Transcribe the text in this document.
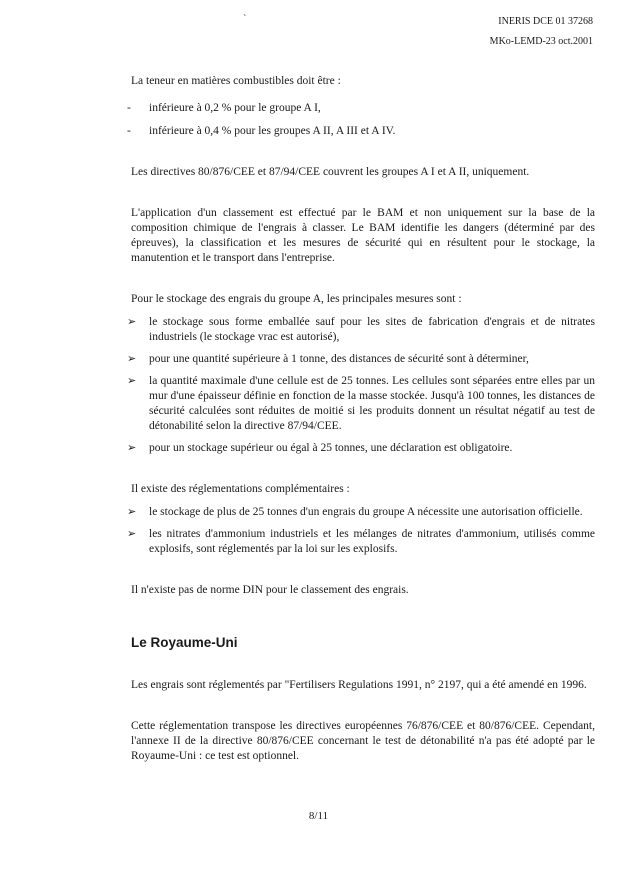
`	INERIS DCE 01 37268
MKo-LEMD-23 oct.2001

La teneur en matières combustibles doit être :

- inférieure à 0,2 % pour le groupe A I,
- inférieure à 0,4 % pour les groupes A II, A III et A IV.

Les directives 80/876/CEE et 87/94/CEE couvrent les groupes A I et A II, uniquement.

L'application d'un classement est effectué par le BAM et non uniquement sur la base de la composition chimique de l'engrais à classer. Le BAM identifie les dangers (déterminé par des épreuves), la classification et les mesures de sécurité qui en résultent pour le stockage, la manutention et le transport dans l'entreprise.

Pour le stockage des engrais du groupe A, les principales mesures sont :

➢ le stockage sous forme emballée sauf pour les sites de fabrication d'engrais et de nitrates industriels (le stockage vrac est autorisé),
➢ pour une quantité supérieure à 1 tonne, des distances de sécurité sont à déterminer,
➢ la quantité maximale d'une cellule est de 25 tonnes. Les cellules sont séparées entre elles par un mur d'une épaisseur définie en fonction de la masse stockée. Jusqu'à 100 tonnes, les distances de sécurité calculées sont réduites de moitié si les produits donnent un résultat négatif au test de détonabilité selon la directive 87/94/CEE.
➢ pour un stockage supérieur ou égal à 25 tonnes, une déclaration est obligatoire.

Il existe des réglementations complémentaires :

➢ le stockage de plus de 25 tonnes d'un engrais du groupe A nécessite une autorisation officielle.
➢ les nitrates d'ammonium industriels et les mélanges de nitrates d'ammonium, utilisés comme explosifs, sont réglementés par la loi sur les explosifs.

Il n'existe pas de norme DIN pour le classement des engrais.

Le Royaume-Uni

Les engrais sont réglementés par "Fertilisers Regulations 1991, n° 2197, qui a été amendé en 1996.

Cette réglementation transpose les directives européennes 76/876/CEE et 80/876/CEE. Cependant, l'annexe II de la directive 80/876/CEE concernant le test de détonabilité n'a pas été adopté par le Royaume-Uni : ce test est optionnel.

8/11
